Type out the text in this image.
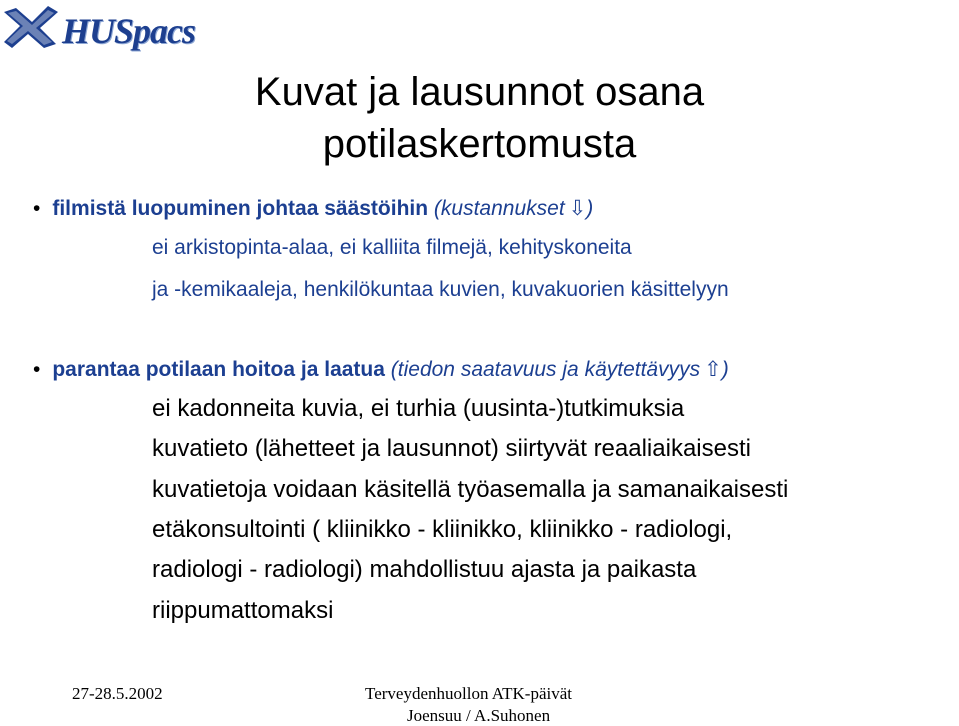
HUSpacs
Kuvat ja lausunnot osana
potilaskertomusta
• filmistä luopuminen johtaa säästöihin (kustannukset ⇩)
ei arkistopinta-alaa, ei kalliita filmejä, kehityskoneita
ja -kemikaaleja, henkilökuntaa kuvien, kuvakuorien käsittelyyn
• parantaa potilaan hoitoa ja laatua (tiedon saatavuus ja käytettävyys ⇧)
ei kadonneita kuvia, ei turhia (uusinta-)tutkimuksia
kuvatieto (lähetteet ja lausunnot) siirtyvät reaaliaikaisesti
kuvatietoja voidaan käsitellä työasemalla ja samanaikaisesti
etäkonsultointi ( kliinikko - kliinikko, kliinikko - radiologi,
radiologi - radiologi) mahdollistuu ajasta ja paikasta
riippumattomaksi
27-28.5.2002	Terveydenhuollon ATK-päivät
Joensuu / A.Suhonen
